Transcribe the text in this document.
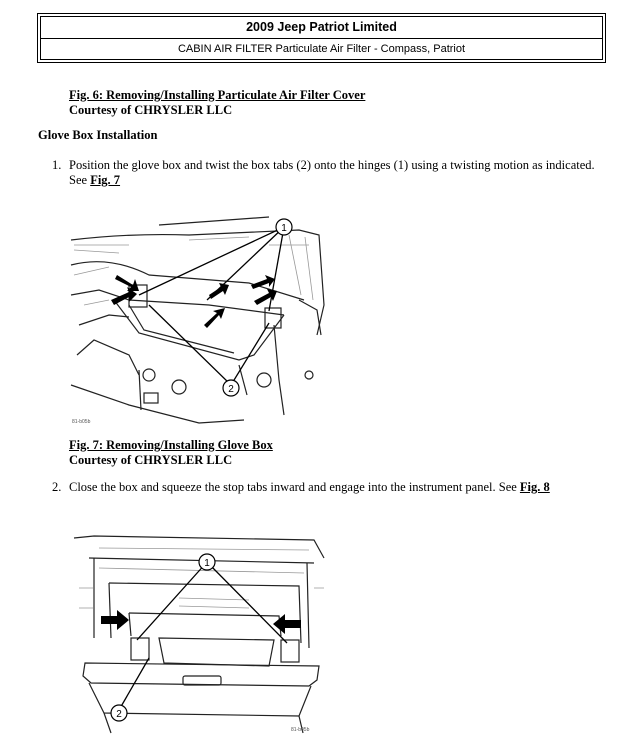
2009 Jeep Patriot Limited
CABIN AIR FILTER Particulate Air Filter - Compass, Patriot
Fig. 6: Removing/Installing Particulate Air Filter Cover
Courtesy of CHRYSLER LLC
Glove Box Installation
1. Position the glove box and twist the box tabs (2) onto the hinges (1) using a twisting motion as indicated.
See Fig. 7
1
2
81-b05b
Fig. 7: Removing/Installing Glove Box
Courtesy of CHRYSLER LLC
2. Close the box and squeeze the stop tabs inward and engage into the instrument panel. See Fig. 8
1
2
81-b05b
